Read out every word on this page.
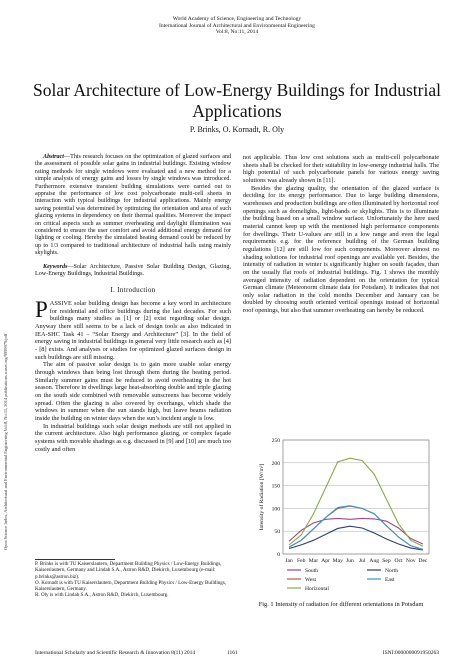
World Academy of Science, Engineering and Technology
International Journal of Architectural and Environmental Engineering
Vol:8, No:11, 2014
Solar Architecture of Low-Energy Buildings for Industrial Applications
P. Brinks, O. Kornadt, R. Oly
Open Science Index, Architectural and Environmental Engineering Vol:8, No:11, 2014 publications.waset.org/9999979/pdf

Abstract—This research focuses on the optimization of glazed surfaces and the assessment of possible solar gains in industrial buildings. Existing window rating methods for single windows were evaluated and a new method for a simple analysis of energy gains and losses by single windows was introduced. Furthermore extensive transient building simulations were carried out to appraise the performance of low cost polycarbonate multi-cell sheets in interaction with typical buildings for industrial applications. Mainly energy saving potential was determined by optimizing the orientation and area of such glazing systems in dependency on their thermal qualities. Moreover the impact on critical aspects such as summer overheating and daylight illumination was considered to ensure the user comfort and avoid additional energy demand for lighting or cooling. Hereby the simulated heating demand could be reduced by up to 1/3 compared to traditional architecture of industrial halls using mainly skylights.

Keywords—Solar Architecture, Passive Solar Building Design, Glazing, Low-Energy Buildings, Industrial Buildings.

I. Introduction

PASSIVE solar building design has become a key word in architecture for residential and office buildings during the last decades. For such buildings many studies as [1] or [2] exist regarding solar design. Anyway there still seems to be a lack of design tools as also indicated in IEA-SHC Task 41 – “Solar Energy and Architecture” [3]. In the field of energy saving in industrial buildings in general very little research such as [4] - [8] exists. And analyses or studies for optimized glazed surfaces design in such buildings are still missing.

The aim of passive solar design is to gain more usable solar energy through windows than being lost through them during the heating period. Similarly summer gains must be reduced to avoid overheating in the hot season. Therefore in dwellings large heat-absorbing double and triple glazing on the south side combined with removable sunscreens has become widely spread. Often the glazing is also covered by overhangs, which shade the windows in summer when the sun stands high, but leave beams radiation inside the building on winter days when the sun’s incident angle is low.

In industrial buildings such solar design methods are still not applied in the current architecture. Also high performance glazing, or complex façade systems with movable shadings as e.g. discussed in [9] and [10] are much too costly and often

P. Brinks is with TU Kaiserslautern, Department Building Physics / Low-Energy Buildings, Kaiserslautern, Germany and Lindab S.A., Astron R&D, Diekirch, Luxembourg (e-mail: p.brinks@astron.biz).

O. Kornadt is with TU Kaiserslautern, Department Building Physics / Low-Energy Buildings, Kaiserslautern, Germany.

R. Oly is with Lindab S.A., Astron R&D, Diekirch, Luxembourg.

not applicable. Thus low cost solutions such as multi-cell polycarbonate sheets shall be checked for their suitability in low-energy industrial halls. The high potential of such polycarbonate panels for various energy saving solutions was already shown in [11].

Besides the glazing quality, the orientation of the glazed surface is deciding for its energy performance. Due to large building dimensions, warehouses and production buildings are often illuminated by horizontal roof openings such as domelights, light-bands or skylights. This is to illuminate the building based on a small window surface. Unfortunately the here used material cannot keep up with the mentioned high performance components for dwellings. Their U-values are still in a low range and even the legal requirements e.g. for the reference building of the German building regulations [12] are still low for such components. Moreover almost no shading solutions for industrial roof openings are available yet. Besides, the intensity of radiation in winter is significantly higher on south façades, than on the usually flat roofs of industrial buildings. Fig. 1 shows the monthly averaged intensity of radiation dependent on the orientation for typical German climate (Meteonorm climate data for Potsdam). It indicates that not only solar radiation in the cold months December and January can be doubled by choosing south oriented vertical openings instead of horizontal roof openings, but also that summer overheating can hereby be reduced.

0
50
100
150
200
250
Jan Feb Mar Apr May Jun Jul Aug Sep Oct Nov Dec
Intensity of Radiation [W/m²]
South	North
West	East
Horizontal
Fig. 1 Intensity of radiation for different orientations in Potsdam
International Scholarly and Scientific Research & Innovation 8(11) 2014	1161	ISNI:0000000091950263
